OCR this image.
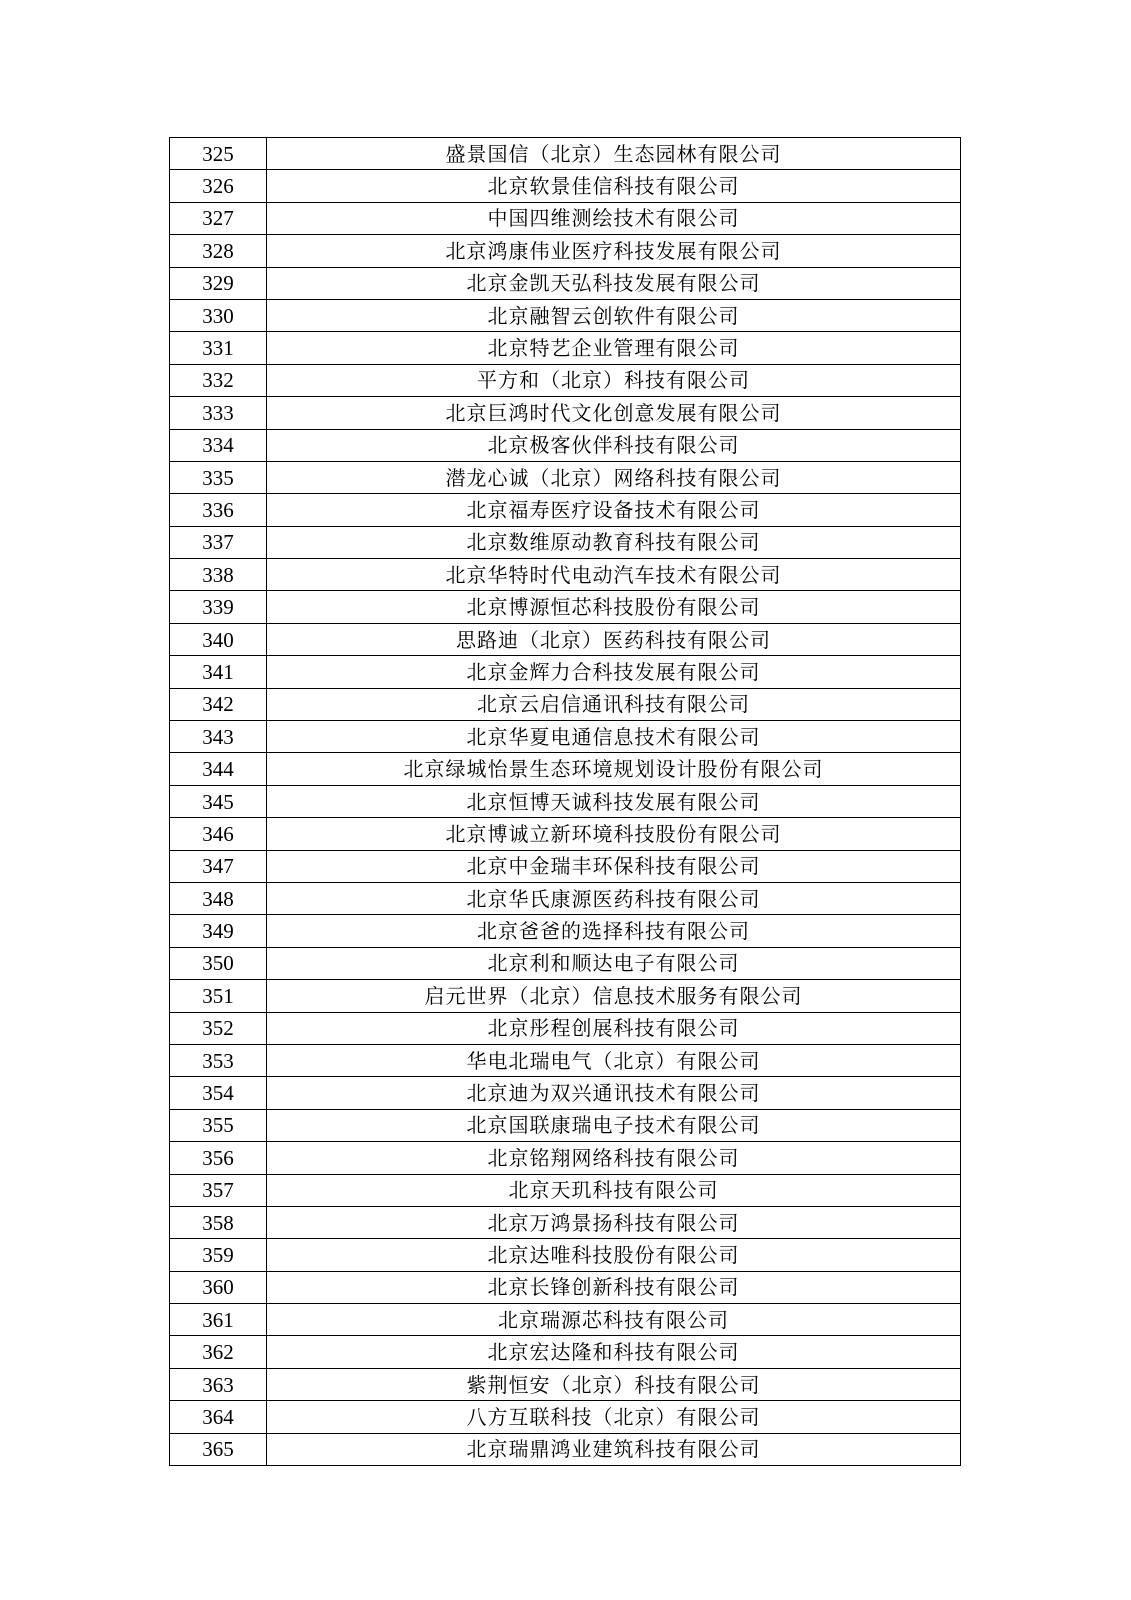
325	盛景国信（北京）生态园林有限公司
326	北京软景佳信科技有限公司
327	中国四维测绘技术有限公司
328	北京鸿康伟业医疗科技发展有限公司
329	北京金凯天弘科技发展有限公司
330	北京融智云创软件有限公司
331	北京特艺企业管理有限公司
332	平方和（北京）科技有限公司
333	北京巨鸿时代文化创意发展有限公司
334	北京极客伙伴科技有限公司
335	潜龙心诚（北京）网络科技有限公司
336	北京福寿医疗设备技术有限公司
337	北京数维原动教育科技有限公司
338	北京华特时代电动汽车技术有限公司
339	北京博源恒芯科技股份有限公司
340	思路迪（北京）医药科技有限公司
341	北京金辉力合科技发展有限公司
342	北京云启信通讯科技有限公司
343	北京华夏电通信息技术有限公司
344	北京绿城怡景生态环境规划设计股份有限公司
345	北京恒博天诚科技发展有限公司
346	北京博诚立新环境科技股份有限公司
347	北京中金瑞丰环保科技有限公司
348	北京华氏康源医药科技有限公司
349	北京爸爸的选择科技有限公司
350	北京利和顺达电子有限公司
351	启元世界（北京）信息技术服务有限公司
352	北京彤程创展科技有限公司
353	华电北瑞电气（北京）有限公司
354	北京迪为双兴通讯技术有限公司
355	北京国联康瑞电子技术有限公司
356	北京铭翔网络科技有限公司
357	北京天玑科技有限公司
358	北京万鸿景扬科技有限公司
359	北京达唯科技股份有限公司
360	北京长锋创新科技有限公司
361	北京瑞源芯科技有限公司
362	北京宏达隆和科技有限公司
363	紫荆恒安（北京）科技有限公司
364	八方互联科技（北京）有限公司
365	北京瑞鼎鸿业建筑科技有限公司
